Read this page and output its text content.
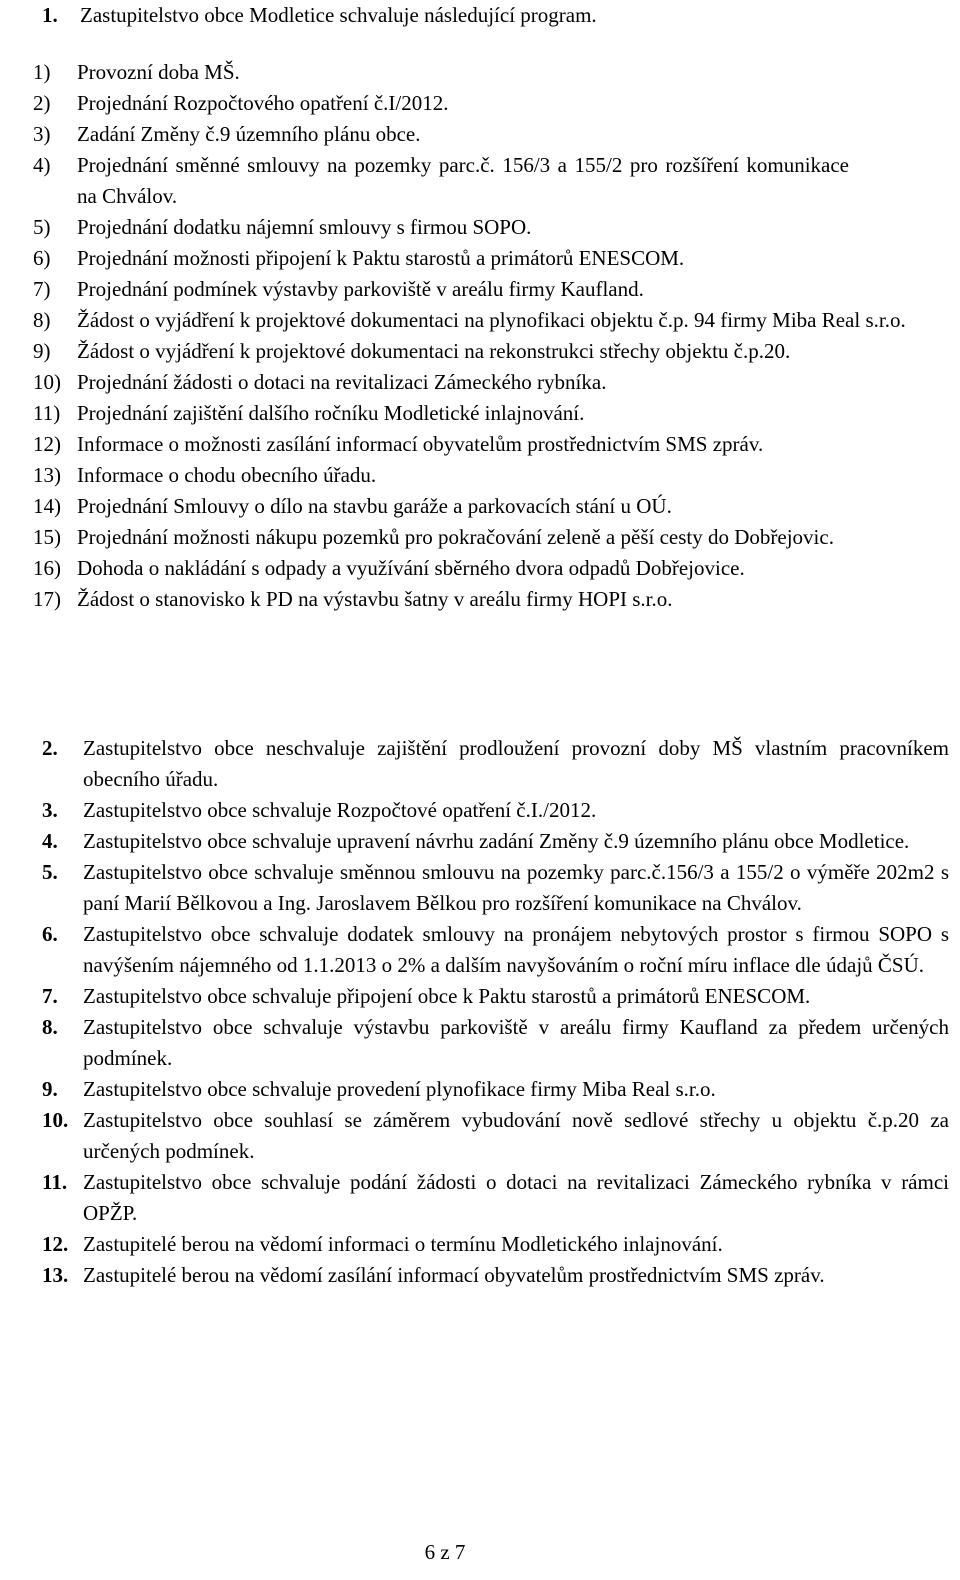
1. Zastupitelstvo obce Modletice schvaluje následující program.
1)	Provozní doba MŠ.
2)	Projednání Rozpočtového opatření č.I/2012.
3)	Zadání Změny č.9 územního plánu obce.
4)	Projednání směnné smlouvy na pozemky parc.č. 156/3 a 155/2 pro rozšíření komunikace na Chválov.
5)	Projednání dodatku nájemní smlouvy s firmou SOPO.
6)	Projednání možnosti připojení k Paktu starostů a primátorů ENESCOM.
7)	Projednání podmínek výstavby parkoviště v areálu firmy Kaufland.
8)	Žádost o vyjádření k projektové dokumentaci na plynofikaci objektu č.p. 94 firmy Miba Real s.r.o.
9)	Žádost o vyjádření k projektové dokumentaci na rekonstrukci střechy objektu č.p.20.
10) Projednání žádosti o dotaci na revitalizaci Zámeckého rybníka.
11) Projednání zajištění dalšího ročníku Modletické inlajnování.
12) Informace o možnosti zasílání informací obyvatelům prostřednictvím SMS zpráv.
13) Informace o chodu obecního úřadu.
14) Projednání Smlouvy o dílo na stavbu garáže a parkovacích stání u OÚ.
15) Projednání možnosti nákupu pozemků pro pokračování zeleně a pěší cesty do Dobřejovic.
16) Dohoda o nakládání s odpady a využívání sběrného dvora odpadů Dobřejovice.
17) Žádost o stanovisko k PD na výstavbu šatny v areálu firmy HOPI s.r.o.
2.	Zastupitelstvo obce neschvaluje zajištění prodloužení provozní doby MŠ vlastním pracovníkem obecního úřadu.
3.	Zastupitelstvo obce schvaluje Rozpočtové opatření č.I./2012.
4.	Zastupitelstvo obce schvaluje upravení návrhu zadání Změny č.9 územního plánu obce Modletice.
5.	Zastupitelstvo obce schvaluje směnnou smlouvu na pozemky parc.č.156/3 a 155/2 o výměře 202m2 s paní Marií Bělkovou a Ing. Jaroslavem Bělkou pro rozšíření komunikace na Chválov.
6.	Zastupitelstvo obce schvaluje dodatek smlouvy na pronájem nebytových prostor s firmou SOPO s navýšením nájemného od 1.1.2013 o 2% a dalším navyšováním o roční míru inflace dle údajů ČSÚ.
7.	Zastupitelstvo obce schvaluje připojení obce k Paktu starostů a primátorů ENESCOM.
8.	Zastupitelstvo obce schvaluje výstavbu parkoviště v areálu firmy Kaufland za předem určených podmínek.
9.	Zastupitelstvo obce schvaluje provedení plynofikace firmy Miba Real s.r.o.
10. Zastupitelstvo obce souhlasí se záměrem vybudování nově sedlové střechy u objektu č.p.20 za určených podmínek.
11. Zastupitelstvo obce schvaluje podání žádosti o dotaci na revitalizaci Zámeckého rybníka v rámci OPŽP.
12. Zastupitelé berou na vědomí informaci o termínu Modletického inlajnování.
13. Zastupitelé berou na vědomí zasílání informací obyvatelům prostřednictvím SMS zpráv.
6 z 7
